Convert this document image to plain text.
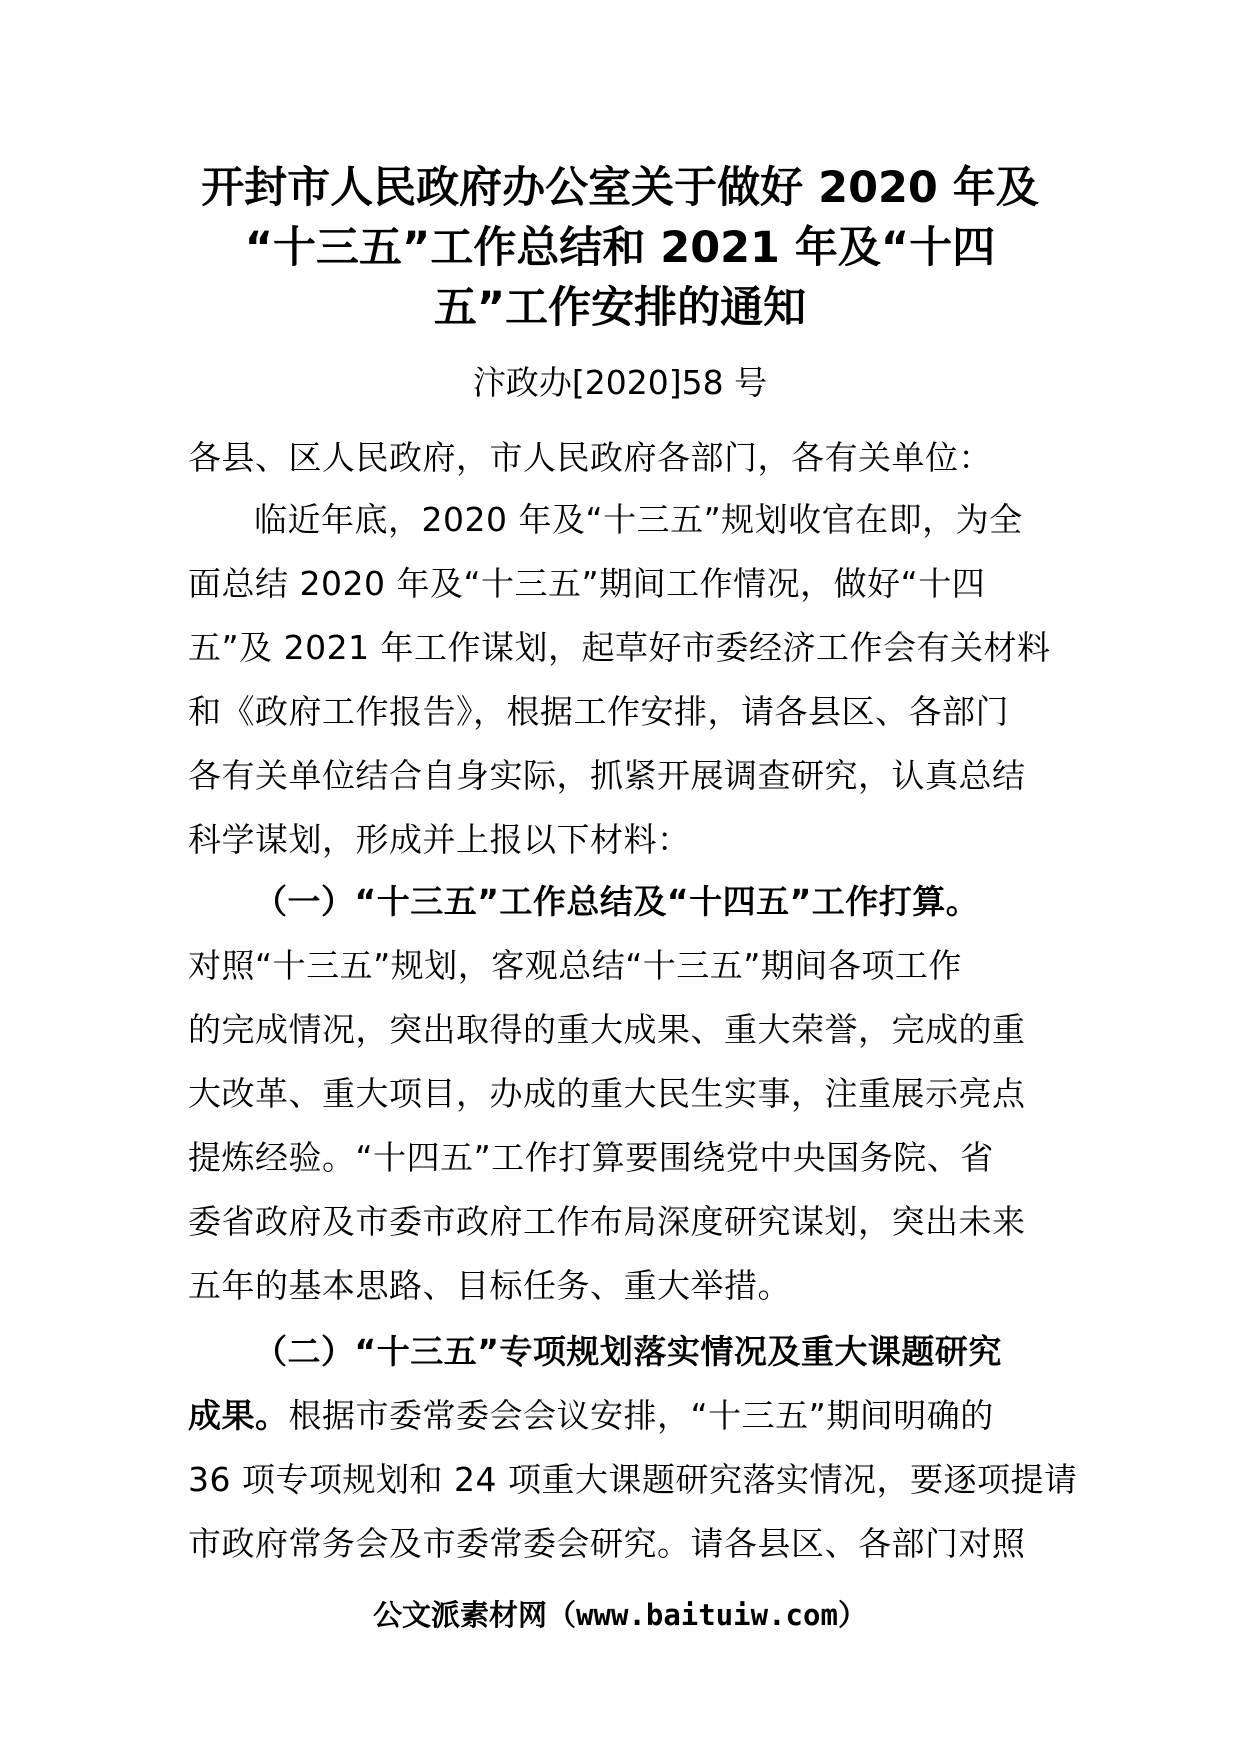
开封市人民政府办公室关于做好 2020 年及
“十三五”工作总结和 2021 年及“十四
五”工作安排的通知
汴政办[2020]58 号
各县、区人民政府，市人民政府各部门，各有关单位：
临近年底，2020 年及“十三五”规划收官在即，为全
面总结 2020 年及“十三五”期间工作情况，做好“十四
五”及 2021 年工作谋划，起草好市委经济工作会有关材料
和《政府工作报告》，根据工作安排，请各县区、各部门
各有关单位结合自身实际，抓紧开展调查研究，认真总结
科学谋划，形成并上报以下材料：
（一）“十三五”工作总结及“十四五”工作打算。
对照“十三五”规划，客观总结“十三五”期间各项工作
的完成情况，突出取得的重大成果、重大荣誉，完成的重
大改革、重大项目，办成的重大民生实事，注重展示亮点
提炼经验。“十四五”工作打算要围绕党中央国务院、省
委省政府及市委市政府工作布局深度研究谋划，突出未来
五年的基本思路、目标任务、重大举措。
（二）“十三五”专项规划落实情况及重大课题研究
成果。根据市委常委会会议安排，“十三五”期间明确的
36 项专项规划和 24 项重大课题研究落实情况，要逐项提请
市政府常务会及市委常委会研究。请各县区、各部门对照
公文派素材网（www.baituiw.com）
